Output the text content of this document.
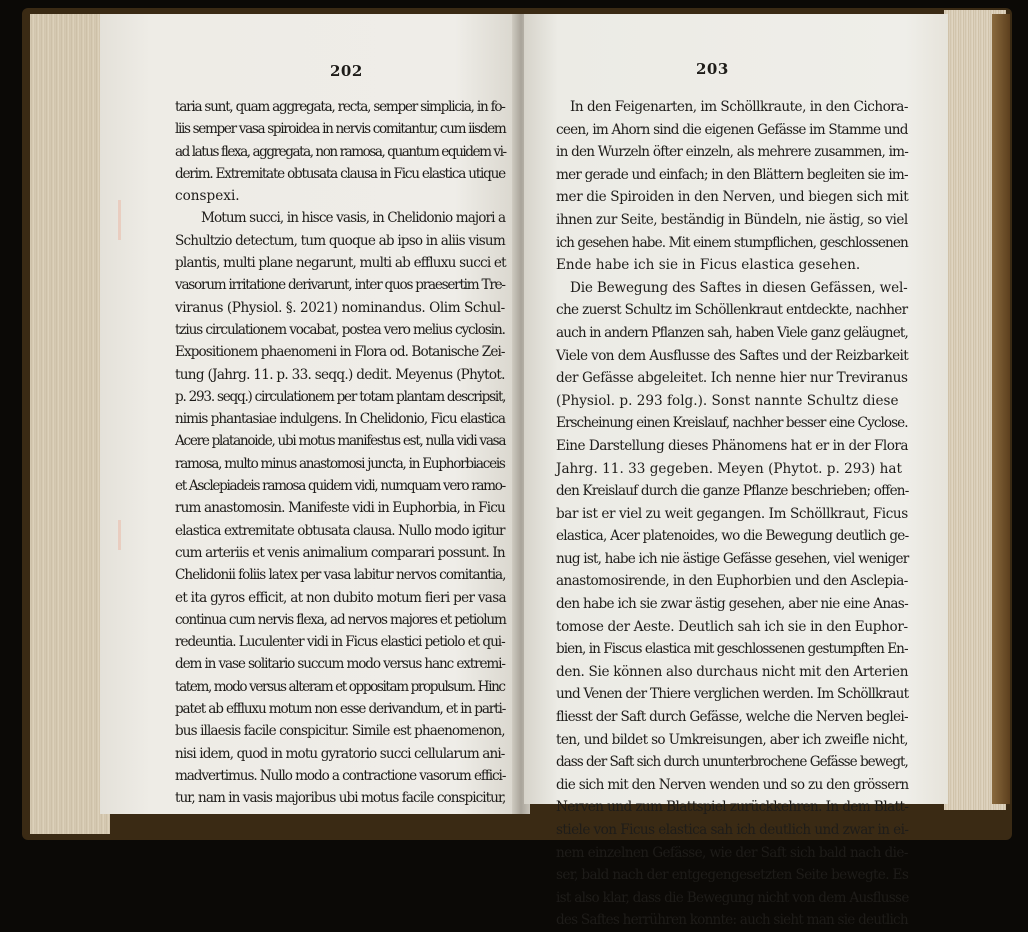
202
taria sunt, quam aggregata, recta, semper simplicia, in fo-
liis semper vasa spiroidea in nervis comitantur, cum iisdem
ad latus flexa, aggregata, non ramosa, quantum equidem vi-
derim. Extremitate obtusata clausa in Ficu elastica utique
conspexi.
Motum succi, in hisce vasis, in Chelidonio majori a
Schultzio detectum, tum quoque ab ipso in aliis visum
plantis, multi plane negarunt, multi ab effluxu succi et
vasorum irritatione derivarunt, inter quos praesertim Tre-
viranus (Physiol. §. 2021) nominandus. Olim Schul-
tzius circulationem vocabat, postea vero melius cyclosin.
Expositionem phaenomeni in Flora od. Botanische Zei-
tung (Jahrg. 11. p. 33. seqq.) dedit. Meyenus (Phytot.
p. 293. seqq.) circulationem per totam plantam descripsit,
nimis phantasiae indulgens. In Chelidonio, Ficu elastica
Acere platanoide, ubi motus manifestus est, nulla vidi vasa
ramosa, multo minus anastomosi juncta, in Euphorbiaceis
et Asclepiadeis ramosa quidem vidi, numquam vero ramo-
rum anastomosin. Manifeste vidi in Euphorbia, in Ficu
elastica extremitate obtusata clausa. Nullo modo igitur
cum arteriis et venis animalium comparari possunt. In
Chelidonii foliis latex per vasa labitur nervos comitantia,
et ita gyros efficit, at non dubito motum fieri per vasa
continua cum nervis flexa, ad nervos majores et petiolum
redeuntia. Luculenter vidi in Ficus elastici petiolo et qui-
dem in vase solitario succum modo versus hanc extremi-
tatem, modo versus alteram et oppositam propulsum. Hinc
patet ab effluxu motum non esse derivandum, et in parti-
bus illaesis facile conspicitur. Simile est phaenomenon,
nisi idem, quod in motu gyratorio succi cellularum ani-
madvertimus. Nullo modo a contractione vasorum effici-
tur, nam in vasis majoribus ubi motus facile conspicitur,
203
In den Feigenarten, im Schöllkraute, in den Cichora-
ceen, im Ahorn sind die eigenen Gefässe im Stamme und
in den Wurzeln öfter einzeln, als mehrere zusammen, im-
mer gerade und einfach; in den Blättern begleiten sie im-
mer die Spiroiden in den Nerven, und biegen sich mit
ihnen zur Seite, beständig in Bündeln, nie ästig, so viel
ich gesehen habe. Mit einem stumpflichen, geschlossenen
Ende habe ich sie in Ficus elastica gesehen.
Die Bewegung des Saftes in diesen Gefässen, wel-
che zuerst Schultz im Schöllenkraut entdeckte, nachher
auch in andern Pflanzen sah, haben Viele ganz geläugnet,
Viele von dem Ausflusse des Saftes und der Reizbarkeit
der Gefässe abgeleitet. Ich nenne hier nur Treviranus
(Physiol. p. 293 folg.). Sonst nannte Schultz diese
Erscheinung einen Kreislauf, nachher besser eine Cyclose.
Eine Darstellung dieses Phänomens hat er in der Flora
Jahrg. 11. 33 gegeben. Meyen (Phytot. p. 293) hat
den Kreislauf durch die ganze Pflanze beschrieben; offen-
bar ist er viel zu weit gegangen. Im Schöllkraut, Ficus
elastica, Acer platenoides, wo die Bewegung deutlich ge-
nug ist, habe ich nie ästige Gefässe gesehen, viel weniger
anastomosirende, in den Euphorbien und den Asclepia-
den habe ich sie zwar ästig gesehen, aber nie eine Anas-
tomose der Aeste. Deutlich sah ich sie in den Euphor-
bien, in Fiscus elastica mit geschlossenen gestumpften En-
den. Sie können also durchaus nicht mit den Arterien
und Venen der Thiere verglichen werden. Im Schöllkraut
fliesst der Saft durch Gefässe, welche die Nerven beglei-
ten, und bildet so Umkreisungen, aber ich zweifle nicht,
dass der Saft sich durch ununterbrochene Gefässe bewegt,
die sich mit den Nerven wenden und so zu den grössern
Nerven und zum Blattspiel zurückkehren. In dem Blatt-
stiele von Ficus elastica sah ich deutlich und zwar in ei-
nem einzelnen Gefässe, wie der Saft sich bald nach die-
ser, bald nach der entgegengesetzten Seite bewegte. Es
ist also klar, dass die Bewegung nicht von dem Ausflusse
des Saftes herrühren konnte: auch sieht man sie deutlich
